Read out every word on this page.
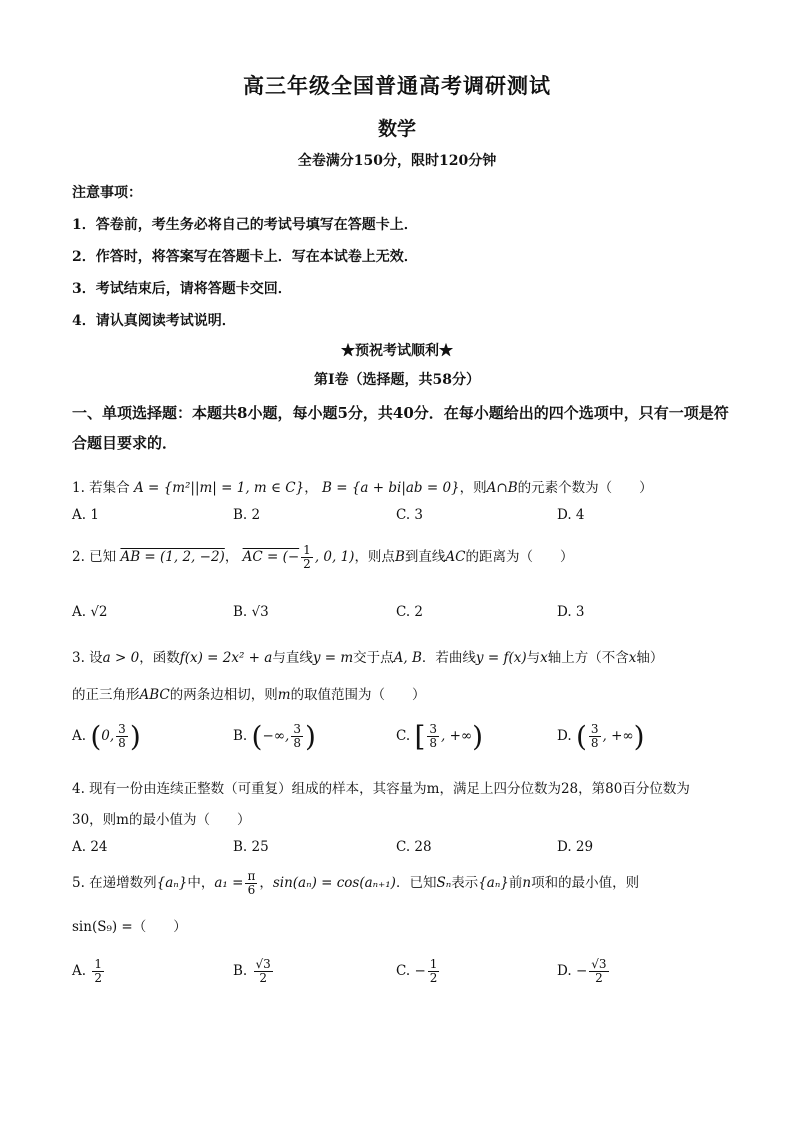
高三年级全国普通高考调研测试
数学
全卷满分150分，限时120分钟
注意事项：
1．答卷前，考生务必将自己的考试号填写在答题卡上．
2．作答时，将答案写在答题卡上．写在本试卷上无效．
3．考试结束后，请将答题卡交回．
4．请认真阅读考试说明．
★预祝考试顺利★
第Ⅰ卷（选择题，共58分）
一、单项选择题：本题共8小题，每小题5分，共40分．在每小题给出的四个选项中，只有一项是符合题目要求的．
1. 若集合 A = {m²||m| = 1, m ∈ C}， B = {a + bi|ab = 0}，则A∩B的元素个数为（　　）
A. 1	B. 2	C. 3	D. 4
2. 已知 AB = (1, 2, −2)， AC = (− $\frac{1}{2}$ , 0, 1)，则点B到直线AC的距离为（　　）
A. √2	B. √3	C. 2	D. 3
3. 设a > 0，函数f(x) = 2x² + a与直线y = m交于点A, B．若曲线y = f(x)与x轴上方（不含x轴）
的正三角形ABC的两条边相切，则m的取值范围为（　　）
A. (0, $\frac{3}{8}$ )	B. (−∞, $\frac{3}{8}$ )	C. [ $\frac{3}{8}$ , +∞)	D. ( $\frac{3}{8}$ , +∞)
4. 现有一份由连续正整数（可重复）组成的样本，其容量为m，满足上四分位数为28，第80百分位数为
30，则m的最小值为（　　）
A. 24	B. 25	C. 28	D. 29
5. 在递增数列{aₙ}中，$a_1 = \frac{\pi}{6}$ ，sin(aₙ) = cos(aₙ₊₁)．已知Sₙ表示{aₙ}前n项和的最小值，则
sin(S₉) =（　　）
A. $\frac{1}{2}$	B. $\frac{√3}{2}$	C. − $\frac{1}{2}$	D. − $\frac{√3}{2}$
